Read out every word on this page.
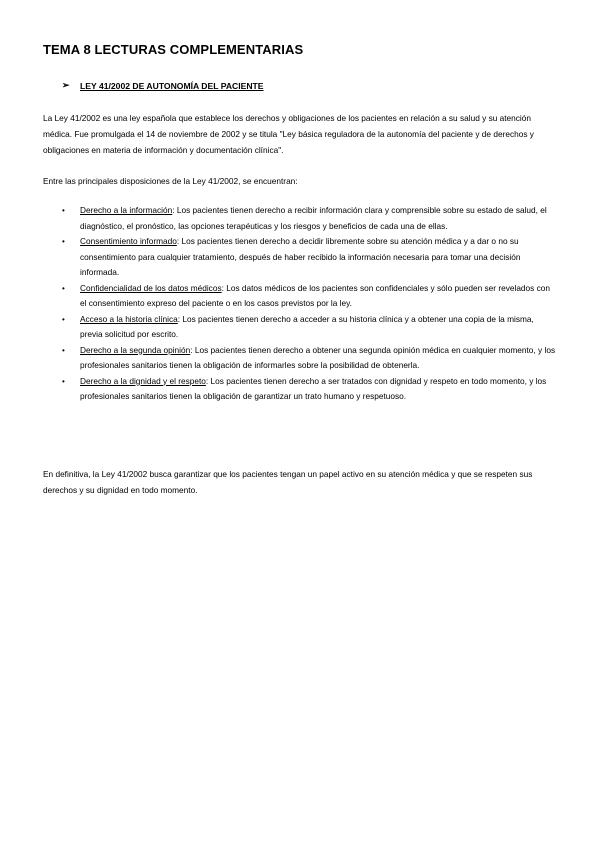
TEMA 8 LECTURAS COMPLEMENTARIAS
➢	LEY 41/2002 DE AUTONOMÍA DEL PACIENTE
La Ley 41/2002 es una ley española que establece los derechos y obligaciones de los pacientes en relación a su salud y su atención médica. Fue promulgada el 14 de noviembre de 2002 y se titula "Ley básica reguladora de la autonomía del paciente y de derechos y obligaciones en materia de información y documentación clínica".
Entre las principales disposiciones de la Ley 41/2002, se encuentran:
• Derecho a la información: Los pacientes tienen derecho a recibir información clara y comprensible sobre su estado de salud, el diagnóstico, el pronóstico, las opciones terapéuticas y los riesgos y beneficios de cada una de ellas.
• Consentimiento informado: Los pacientes tienen derecho a decidir libremente sobre su atención médica y a dar o no su consentimiento para cualquier tratamiento, después de haber recibido la información necesaria para tomar una decisión informada.
• Confidencialidad de los datos médicos: Los datos médicos de los pacientes son confidenciales y sólo pueden ser revelados con el consentimiento expreso del paciente o en los casos previstos por la ley.
• Acceso a la historia clínica: Los pacientes tienen derecho a acceder a su historia clínica y a obtener una copia de la misma, previa solicitud por escrito.
• Derecho a la segunda opinión: Los pacientes tienen derecho a obtener una segunda opinión médica en cualquier momento, y los profesionales sanitarios tienen la obligación de informarles sobre la posibilidad de obtenerla.
• Derecho a la dignidad y el respeto: Los pacientes tienen derecho a ser tratados con dignidad y respeto en todo momento, y los profesionales sanitarios tienen la obligación de garantizar un trato humano y respetuoso.
En definitiva, la Ley 41/2002 busca garantizar que los pacientes tengan un papel activo en su atención médica y que se respeten sus derechos y su dignidad en todo momento.
